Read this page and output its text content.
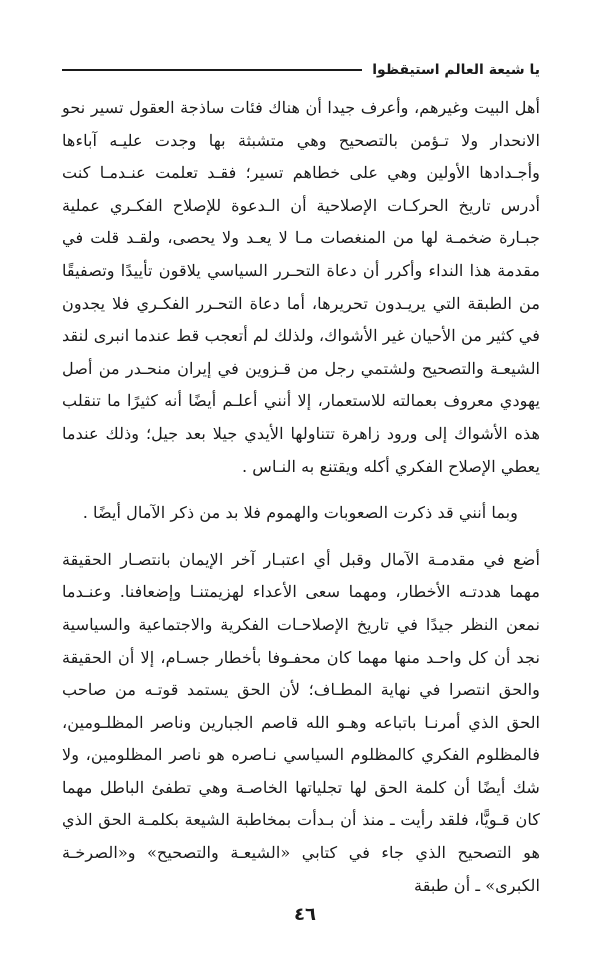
يا شيعة العالم استيقظوا

أهل البيت وغيرهم، وأعرف جيدا أن هناك فئات ساذجة العقول تسير نحو الانحدار ولا تـؤمن بالتصحيح وهي متشبثة بها وجدت عليـه آباءها وأجـدادها الأولين وهي على خطاهم تسير؛ فقـد تعلمت عنـدمـا كنت أدرس تاريخ الحركـات الإصلاحية أن الـدعوة للإصلاح الفكـري عملية جبـارة ضخمـة لها من المنغصات مـا لا يعـد ولا يحصى، ولقـد قلت في مقدمة هذا النداء وأكرر أن دعاة التحـرر السياسي يلاقون تأييدًا وتصفيقًا من الطبقة التي يريـدون تحريرها، أما دعاة التحـرر الفكـري فلا يجدون في كثير من الأحيان غير الأشواك، ولذلك لم أتعجب قط عندما انبرى لنقد الشيعـة والتصحيح ولشتمي رجل من قـزوين في إيران منحـدر من أصل يهودي معروف بعمالته للاستعمار، إلا أنني أعلـم أيضًا أنه كثيرًا ما تنقلب هذه الأشواك إلى ورود زاهرة تتناولها الأيدي جيلا بعد جيل؛ وذلك عندما يعطي الإصلاح الفكري أكله ويقتنع به النـاس .

وبما أنني قد ذكرت الصعوبات والهموم فلا بد من ذكر الآمال أيضًا .

أضع في مقدمـة الآمال وقبل أي اعتبـار آخر الإيمان بانتصـار الحقيقة مهما هددتـه الأخطار، ومهما سعى الأعداء لهزيمتنـا وإضعافنا. وعنـدما نمعن النظر جيدًا في تاريخ الإصلاحـات الفكرية والاجتماعية والسياسية نجد أن كل واحـد منها مهما كان محفـوفا بأخطار جسـام، إلا أن الحقيقة والحق انتصرا في نهاية المطـاف؛ لأن الحق يستمد قوتـه من صاحب الحق الذي أمرنـا باتباعه وهـو الله قاصم الجبارين وناصر المظلـومين، فالمظلوم الفكري كالمظلوم السياسي نـاصره هو ناصر المظلومين، ولا شك أيضًا أن كلمة الحق لها تجلياتها الخاصـة وهي تطفئ الباطل مهما كان قـويًّا، فلقد رأيت ـ منذ أن بـدأت بمخاطبة الشيعة بكلمـة الحق الذي هو التصحيح الذي جاء في كتابي «الشيعـة والتصحيح» و«الصرخـة الكبرى» ـ أن طبقة

٤٦
